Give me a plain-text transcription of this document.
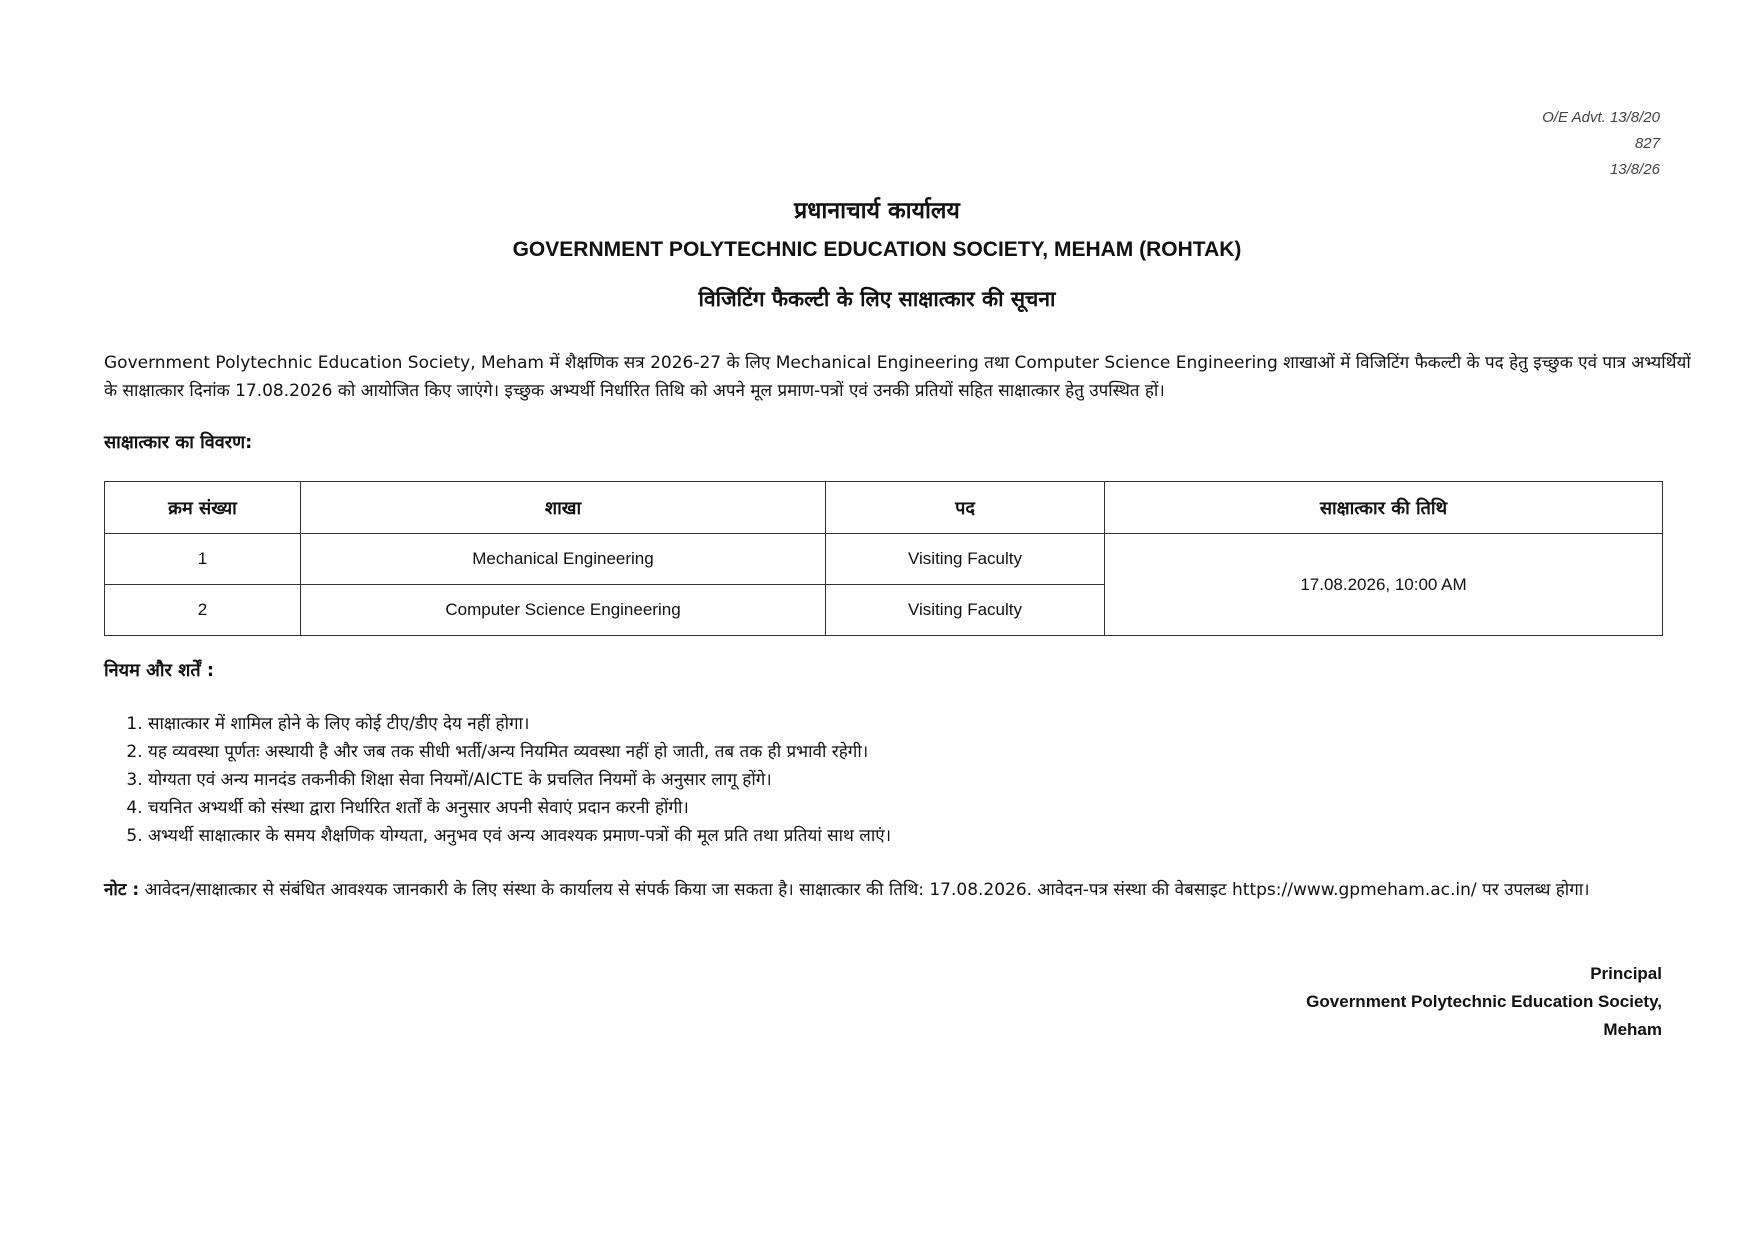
O/E Advt. 13/8/20
827
13/8/26
प्रधानाचार्य कार्यालय
GOVERNMENT POLYTECHNIC EDUCATION SOCIETY, MEHAM (ROHTAK)
विजिटिंग फैकल्टी के लिए साक्षात्कार की सूचना
Government Polytechnic Education Society, Meham में शैक्षणिक सत्र 2026-27 के लिए Mechanical Engineering तथा Computer Science Engineering शाखाओं में विजिटिंग फैकल्टी के पद हेतु इच्छुक एवं पात्र अभ्यर्थियों
के साक्षात्कार दिनांक 17.08.2026 को आयोजित किए जाएंगे। इच्छुक अभ्यर्थी निर्धारित तिथि को अपने मूल प्रमाण-पत्रों एवं उनकी प्रतियों सहित साक्षात्कार हेतु उपस्थित हों।
साक्षात्कार का विवरण:
क्रम संख्या	शाखा	पद	साक्षात्कार की तिथि
1	Mechanical Engineering	Visiting Faculty	17.08.2026, 10:00 AM
2	Computer Science Engineering	Visiting Faculty	
नियम और शर्तें :
1. साक्षात्कार में शामिल होने के लिए कोई टीए/डीए देय नहीं होगा।
2. यह व्यवस्था पूर्णतः अस्थायी है और जब तक सीधी भर्ती/अन्य नियमित व्यवस्था नहीं हो जाती, तब तक ही प्रभावी रहेगी।
3. योग्यता एवं अन्य मानदंड तकनीकी शिक्षा सेवा नियमों/AICTE के प्रचलित नियमों के अनुसार लागू होंगे।
4. चयनित अभ्यर्थी को संस्था द्वारा निर्धारित शर्तों के अनुसार अपनी सेवाएं प्रदान करनी होंगी।
5. अभ्यर्थी साक्षात्कार के समय शैक्षणिक योग्यता, अनुभव एवं अन्य आवश्यक प्रमाण-पत्रों की मूल प्रति तथा प्रतियां साथ लाएं।
नोट : आवेदन/साक्षात्कार से संबंधित आवश्यक जानकारी के लिए संस्था के कार्यालय से संपर्क किया जा सकता है। साक्षात्कार की तिथि: 17.08.2026. आवेदन-पत्र संस्था की वेबसाइट https://www.gpmeham.ac.in/ पर उपलब्ध होगा।
Principal
Government Polytechnic Education Society,
Meham
